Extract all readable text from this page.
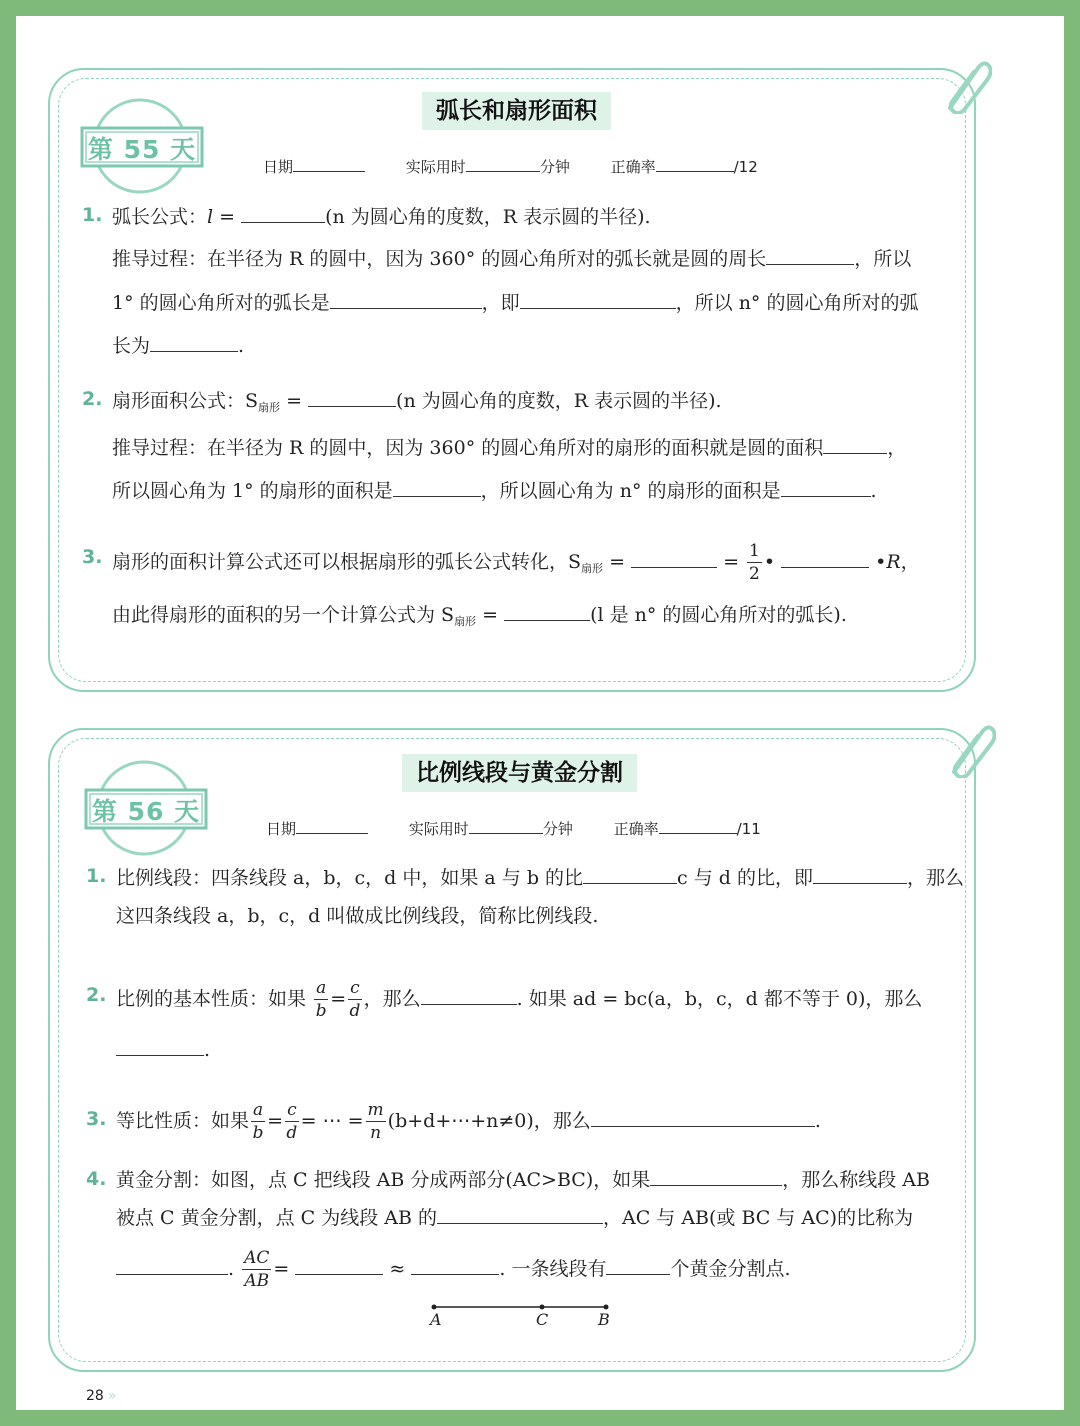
第 55 天
弧长和扇形面积
日期	实际用时	分钟	正确率	/12
1. 弧长公式：l =	(n 为圆心角的度数，R 表示圆的半径).
推导过程：在半径为 R 的圆中，因为 360° 的圆心角所对的弧长就是圆的周长	，所以
1° 的圆心角所对的弧长是	，即	，所以 n° 的圆心角所对的弧
长为	.
2. 扇形面积公式：$S_{扇形}$ =	(n 为圆心角的度数，R 表示圆的半径).
推导过程：在半径为 R 的圆中，因为 360° 的圆心角所对的扇形的面积就是圆的面积	，
所以圆心角为 1° 的扇形的面积是	，所以圆心角为 n° 的扇形的面积是	.
3. 扇形的面积计算公式还可以根据扇形的弧长公式转化，$S_{扇形}$ =	= $\frac{1}{2}$ •	•R，
由此得扇形的面积的另一个计算公式为 $S_{扇形}$ =	(l 是 n° 的圆心角所对的弧长).
第 56 天
比例线段与黄金分割
日期	实际用时	分钟	正确率	/11
1. 比例线段：四条线段 a，b，c，d 中，如果 a 与 b 的比	c 与 d 的比，即	，那么
这四条线段 a，b，c，d 叫做成比例线段，简称比例线段.
2. 比例的基本性质：如果 $\frac{a}{b} = \frac{c}{d}$ ，那么	. 如果 ad = bc(a，b，c，d 都不等于 0)，那么
.
3. 等比性质：如果 $\frac{a}{b} = \frac{c}{d}$ = ⋯ = $\frac{m}{n}$ (b+d+⋯+n≠0)，那么	.
4. 黄金分割：如图，点 C 把线段 AB 分成两部分(AC>BC)，如果	，那么称线段 AB
被点 C 黄金分割，点 C 为线段 AB 的	，AC 与 AB(或 BC 与 AC)的比称为
. $\frac{AC}{AB}$ =	≈	. 一条线段有	个黄金分割点.
A	C	B
28 »
